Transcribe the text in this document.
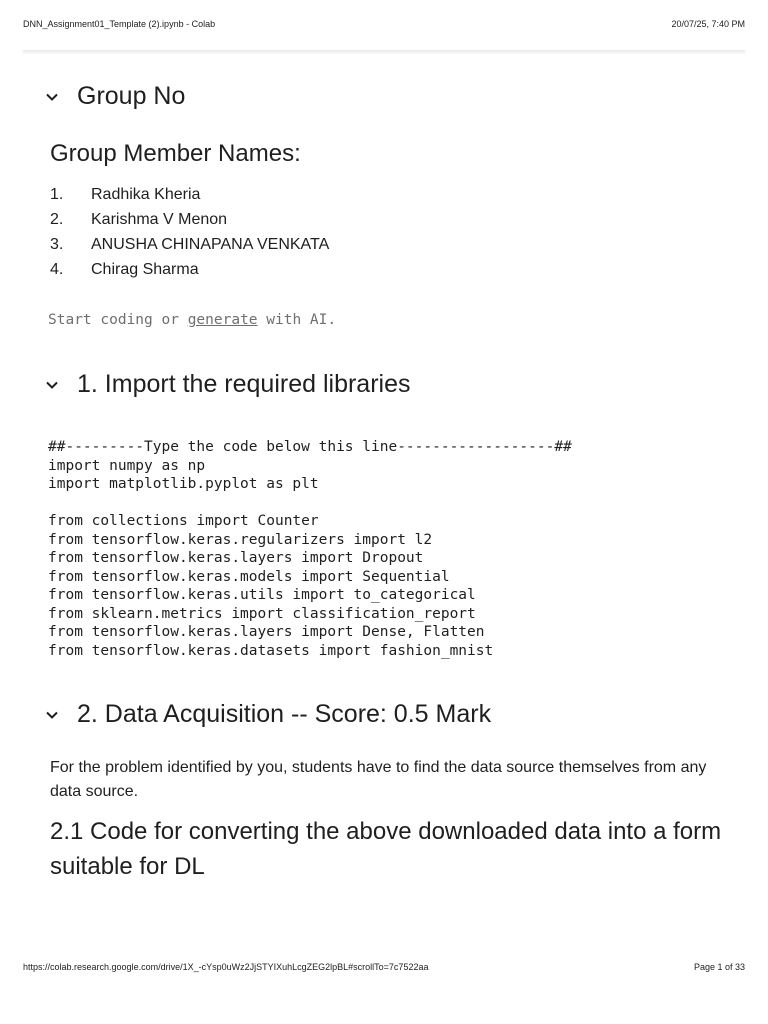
DNN_Assignment01_Template (2).ipynb - Colab	20/07/25, 7:40 PM
Group No
Group Member Names:
1. Radhika Kheria
2. Karishma V Menon
3. ANUSHA CHINAPANA VENKATA
4. Chirag Sharma
Start coding or generate with AI.
1. Import the required libraries
##---------Type the code below this line------------------##
import numpy as np
import matplotlib.pyplot as plt
from collections import Counter
from tensorflow.keras.regularizers import l2
from tensorflow.keras.layers import Dropout
from tensorflow.keras.models import Sequential
from tensorflow.keras.utils import to_categorical
from sklearn.metrics import classification_report
from tensorflow.keras.layers import Dense, Flatten
from tensorflow.keras.datasets import fashion_mnist
2. Data Acquisition -- Score: 0.5 Mark

For the problem identified by you, students have to find the data source themselves from any data source.

2.1 Code for converting the above downloaded data into a form suitable for DL
https://colab.research.google.com/drive/1X_-cYsp0uWz2JjSTYIXuhLcgZEG2lpBL#scrollTo=7c7522aa	Page 1 of 33
